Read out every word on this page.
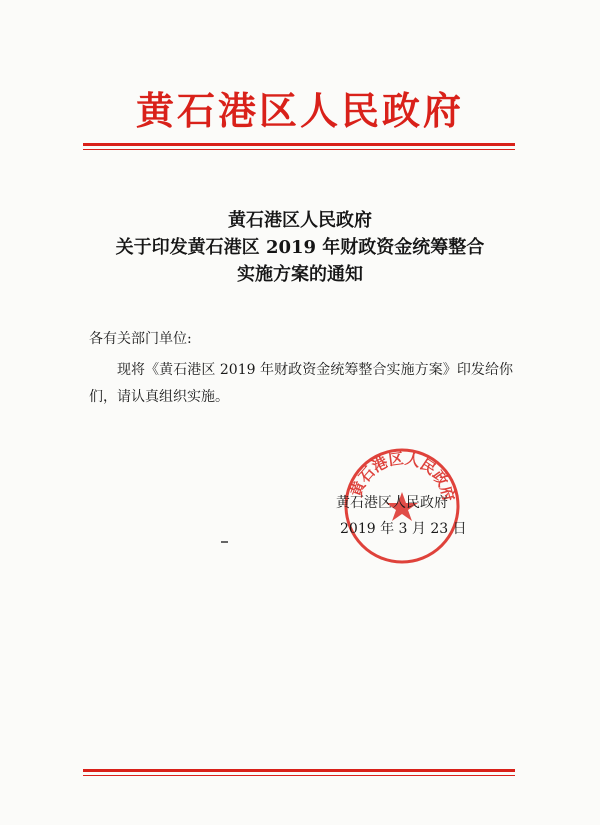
黄石港区人民政府
黄石港区人民政府
关于印发黄石港区 2019 年财政资金统筹整合
实施方案的通知
各有关部门单位:
现将《黄石港区 2019 年财政资金统筹整合实施方案》印发给你们，请认真组织实施。
黄石港区人民政府
黄石港区人民政府
2019 年 3 月 23 日
